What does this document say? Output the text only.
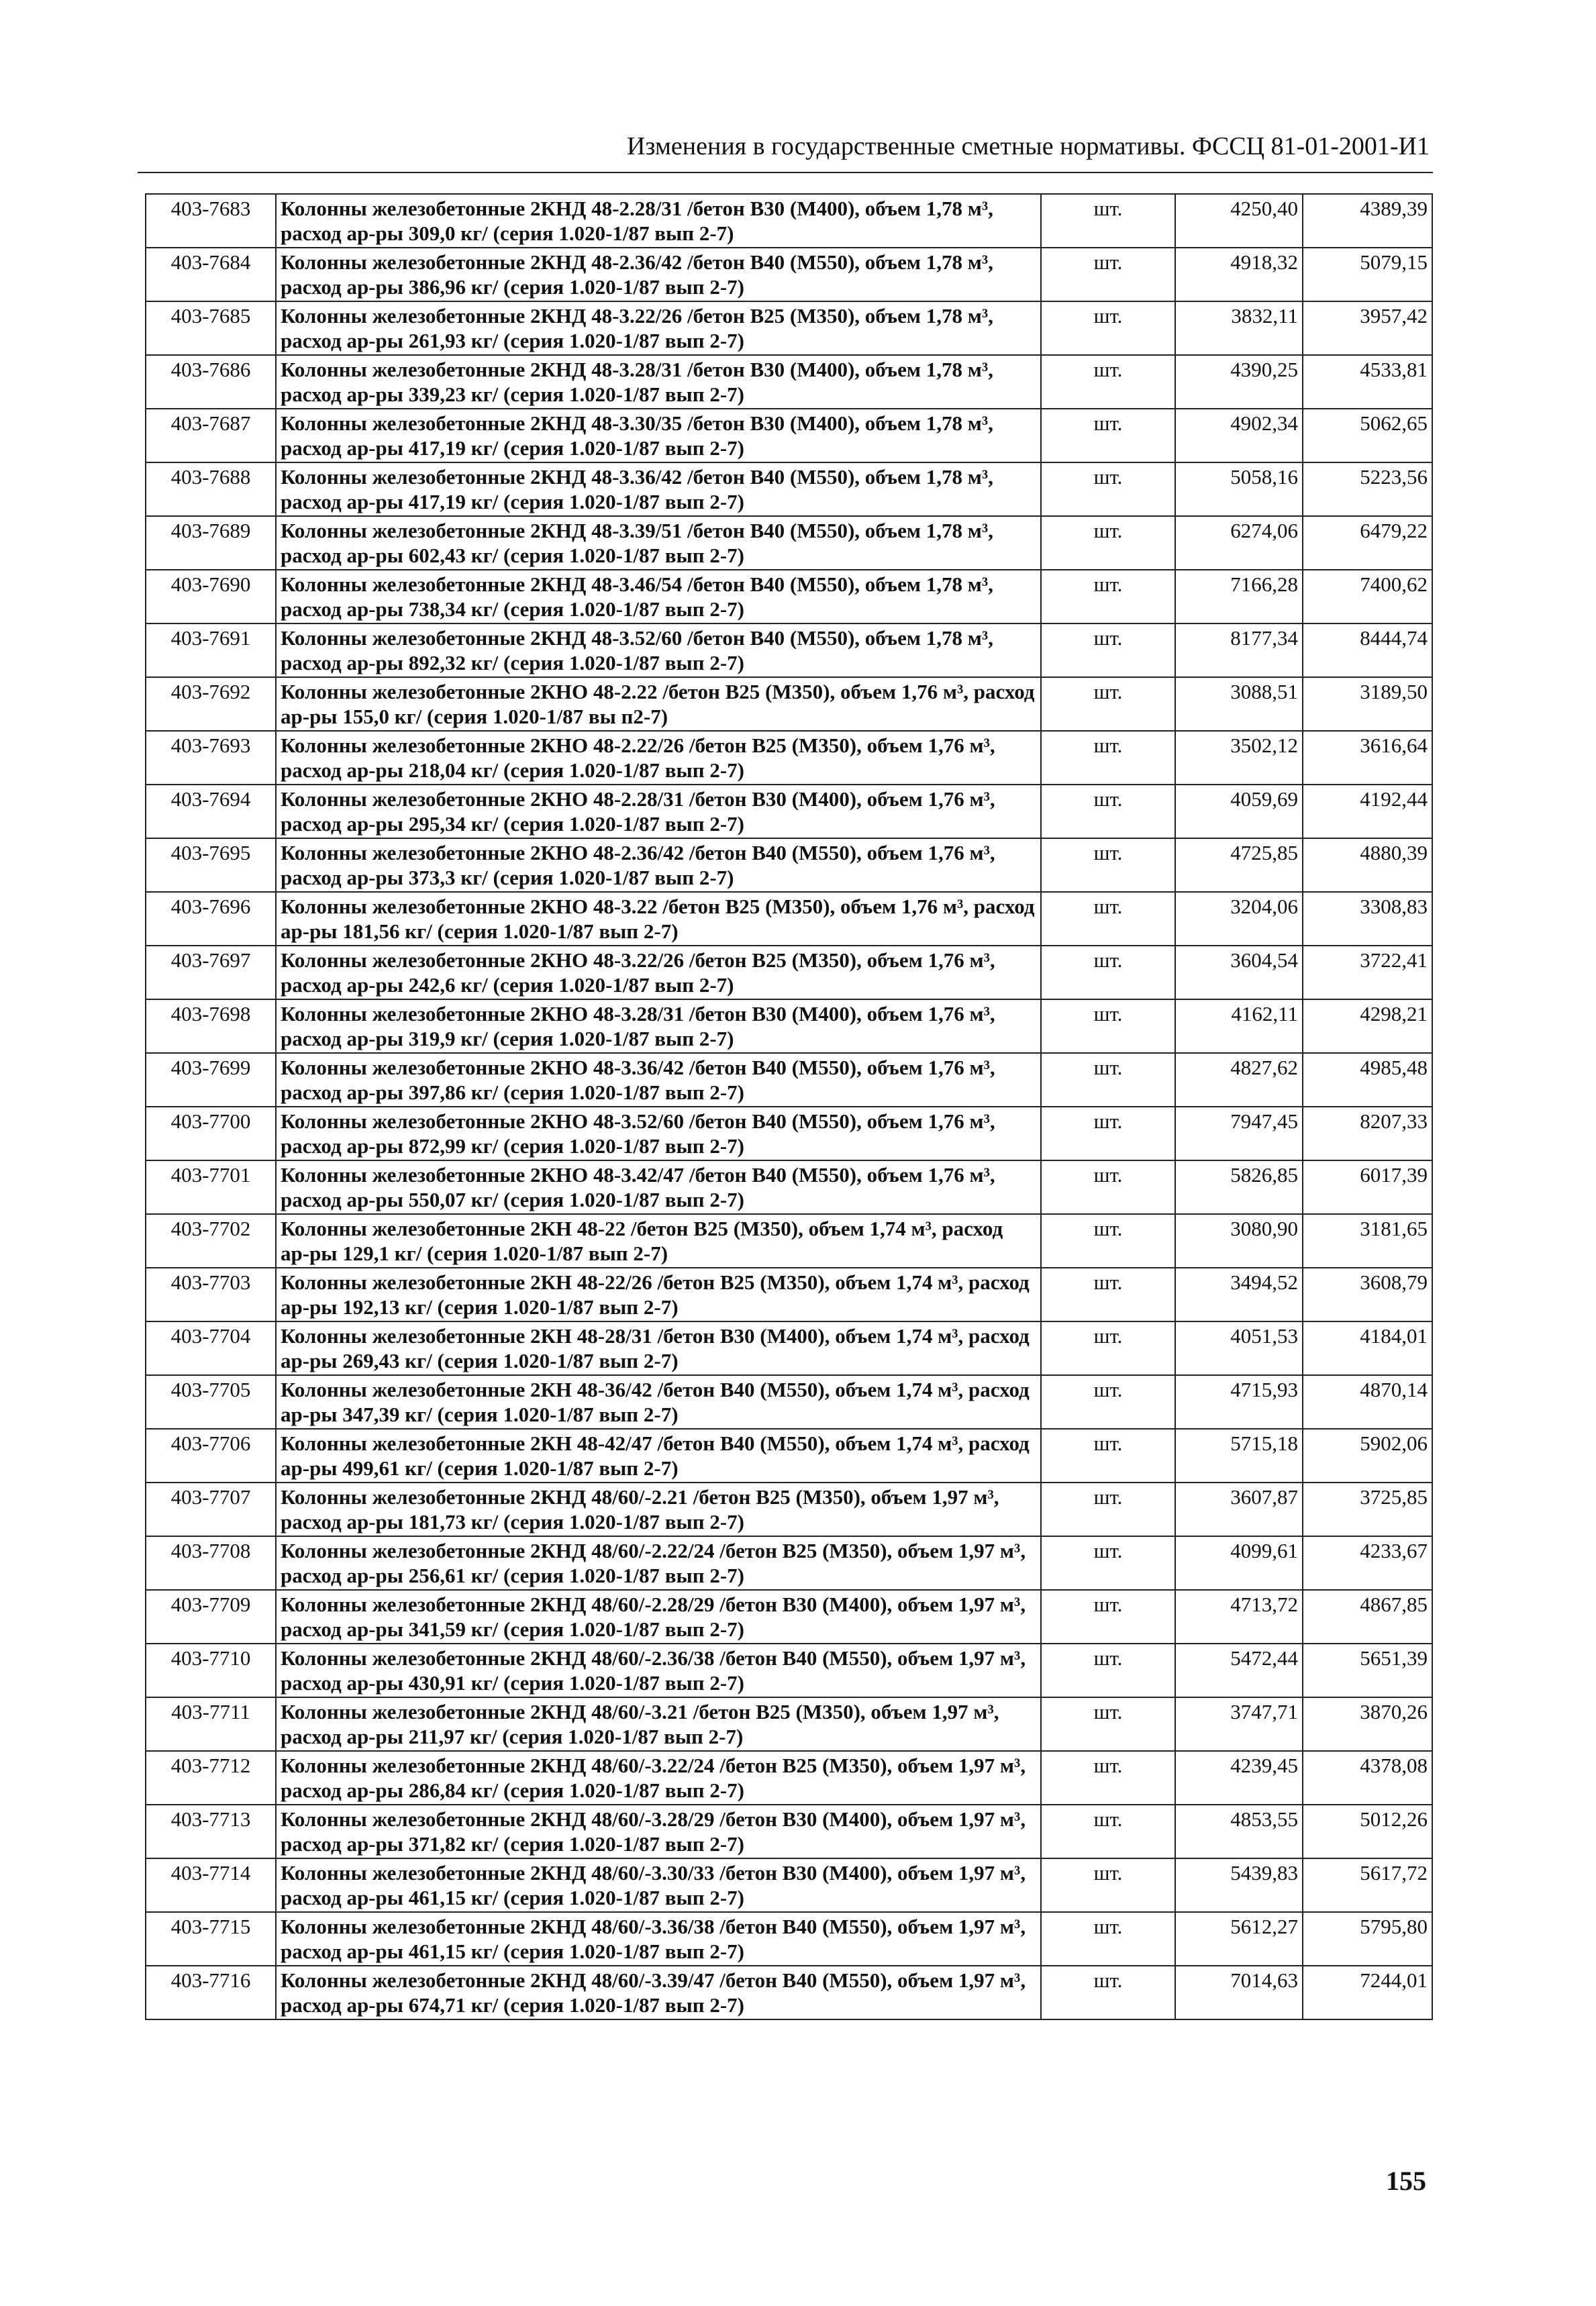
Изменения в государственные сметные нормативы. ФССЦ 81-01-2001-И1
403-7683	Колонны железобетонные 2КНД 48-2.28/31 /бетон В30 (М400), объем 1,78 м³, расход ар-ры 309,0 кг/ (серия 1.020-1/87 вып 2-7)	шт.	4250,40	4389,39
403-7684	Колонны железобетонные 2КНД 48-2.36/42 /бетон В40 (М550), объем 1,78 м³, расход ар-ры 386,96 кг/ (серия 1.020-1/87 вып 2-7)	шт.	4918,32	5079,15
403-7685	Колонны железобетонные 2КНД 48-3.22/26 /бетон В25 (М350), объем 1,78 м³, расход ар-ры 261,93 кг/ (серия 1.020-1/87 вып 2-7)	шт.	3832,11	3957,42
403-7686	Колонны железобетонные 2КНД 48-3.28/31 /бетон В30 (М400), объем 1,78 м³, расход ар-ры 339,23 кг/ (серия 1.020-1/87 вып 2-7)	шт.	4390,25	4533,81
403-7687	Колонны железобетонные 2КНД 48-3.30/35 /бетон В30 (М400), объем 1,78 м³, расход ар-ры 417,19 кг/ (серия 1.020-1/87 вып 2-7)	шт.	4902,34	5062,65
403-7688	Колонны железобетонные 2КНД 48-3.36/42 /бетон В40 (М550), объем 1,78 м³, расход ар-ры 417,19 кг/ (серия 1.020-1/87 вып 2-7)	шт.	5058,16	5223,56
403-7689	Колонны железобетонные 2КНД 48-3.39/51 /бетон В40 (М550), объем 1,78 м³, расход ар-ры 602,43 кг/ (серия 1.020-1/87 вып 2-7)	шт.	6274,06	6479,22
403-7690	Колонны железобетонные 2КНД 48-3.46/54 /бетон В40 (М550), объем 1,78 м³, расход ар-ры 738,34 кг/ (серия 1.020-1/87 вып 2-7)	шт.	7166,28	7400,62
403-7691	Колонны железобетонные 2КНД 48-3.52/60 /бетон В40 (М550), объем 1,78 м³, расход ар-ры 892,32 кг/ (серия 1.020-1/87 вып 2-7)	шт.	8177,34	8444,74
403-7692	Колонны железобетонные 2КНО 48-2.22 /бетон В25 (М350), объем 1,76 м³, расход ар-ры 155,0 кг/ (серия 1.020-1/87 вы п2-7)	шт.	3088,51	3189,50
403-7693	Колонны железобетонные 2КНО 48-2.22/26 /бетон В25 (М350), объем 1,76 м³, расход ар-ры 218,04 кг/ (серия 1.020-1/87 вып 2-7)	шт.	3502,12	3616,64
403-7694	Колонны железобетонные 2КНО 48-2.28/31 /бетон В30 (М400), объем 1,76 м³, расход ар-ры 295,34 кг/ (серия 1.020-1/87 вып 2-7)	шт.	4059,69	4192,44
403-7695	Колонны железобетонные 2КНО 48-2.36/42 /бетон В40 (М550), объем 1,76 м³, расход ар-ры 373,3 кг/ (серия 1.020-1/87 вып 2-7)	шт.	4725,85	4880,39
403-7696	Колонны железобетонные 2КНО 48-3.22 /бетон В25 (М350), объем 1,76 м³, расход ар-ры 181,56 кг/ (серия 1.020-1/87 вып 2-7)	шт.	3204,06	3308,83
403-7697	Колонны железобетонные 2КНО 48-3.22/26 /бетон В25 (М350), объем 1,76 м³, расход ар-ры 242,6 кг/ (серия 1.020-1/87 вып 2-7)	шт.	3604,54	3722,41
403-7698	Колонны железобетонные 2КНО 48-3.28/31 /бетон В30 (М400), объем 1,76 м³, расход ар-ры 319,9 кг/ (серия 1.020-1/87 вып 2-7)	шт.	4162,11	4298,21
403-7699	Колонны железобетонные 2КНО 48-3.36/42 /бетон В40 (М550), объем 1,76 м³, расход ар-ры 397,86 кг/ (серия 1.020-1/87 вып 2-7)	шт.	4827,62	4985,48
403-7700	Колонны железобетонные 2КНО 48-3.52/60 /бетон В40 (М550), объем 1,76 м³, расход ар-ры 872,99 кг/ (серия 1.020-1/87 вып 2-7)	шт.	7947,45	8207,33
403-7701	Колонны железобетонные 2КНО 48-3.42/47 /бетон В40 (М550), объем 1,76 м³, расход ар-ры 550,07 кг/ (серия 1.020-1/87 вып 2-7)	шт.	5826,85	6017,39
403-7702	Колонны железобетонные 2КН 48-22 /бетон В25 (М350), объем 1,74 м³, расход ар-ры 129,1 кг/ (серия 1.020-1/87 вып 2-7)	шт.	3080,90	3181,65
403-7703	Колонны железобетонные 2КН 48-22/26 /бетон В25 (М350), объем 1,74 м³, расход ар-ры 192,13 кг/ (серия 1.020-1/87 вып 2-7)	шт.	3494,52	3608,79
403-7704	Колонны железобетонные 2КН 48-28/31 /бетон В30 (М400), объем 1,74 м³, расход ар-ры 269,43 кг/ (серия 1.020-1/87 вып 2-7)	шт.	4051,53	4184,01
403-7705	Колонны железобетонные 2КН 48-36/42 /бетон В40 (М550), объем 1,74 м³, расход ар-ры 347,39 кг/ (серия 1.020-1/87 вып 2-7)	шт.	4715,93	4870,14
403-7706	Колонны железобетонные 2КН 48-42/47 /бетон В40 (М550), объем 1,74 м³, расход ар-ры 499,61 кг/ (серия 1.020-1/87 вып 2-7)	шт.	5715,18	5902,06
403-7707	Колонны железобетонные 2КНД 48/60/-2.21 /бетон В25 (М350), объем 1,97 м³, расход ар-ры 181,73 кг/ (серия 1.020-1/87 вып 2-7)	шт.	3607,87	3725,85
403-7708	Колонны железобетонные 2КНД 48/60/-2.22/24 /бетон В25 (М350), объем 1,97 м³, расход ар-ры 256,61 кг/ (серия 1.020-1/87 вып 2-7)	шт.	4099,61	4233,67
403-7709	Колонны железобетонные 2КНД 48/60/-2.28/29 /бетон В30 (М400), объем 1,97 м³, расход ар-ры 341,59 кг/ (серия 1.020-1/87 вып 2-7)	шт.	4713,72	4867,85
403-7710	Колонны железобетонные 2КНД 48/60/-2.36/38 /бетон В40 (М550), объем 1,97 м³, расход ар-ры 430,91 кг/ (серия 1.020-1/87 вып 2-7)	шт.	5472,44	5651,39
403-7711	Колонны железобетонные 2КНД 48/60/-3.21 /бетон В25 (М350), объем 1,97 м³, расход ар-ры 211,97 кг/ (серия 1.020-1/87 вып 2-7)	шт.	3747,71	3870,26
403-7712	Колонны железобетонные 2КНД 48/60/-3.22/24 /бетон В25 (М350), объем 1,97 м³, расход ар-ры 286,84 кг/ (серия 1.020-1/87 вып 2-7)	шт.	4239,45	4378,08
403-7713	Колонны железобетонные 2КНД 48/60/-3.28/29 /бетон В30 (М400), объем 1,97 м³, расход ар-ры 371,82 кг/ (серия 1.020-1/87 вып 2-7)	шт.	4853,55	5012,26
403-7714	Колонны железобетонные 2КНД 48/60/-3.30/33 /бетон В30 (М400), объем 1,97 м³, расход ар-ры 461,15 кг/ (серия 1.020-1/87 вып 2-7)	шт.	5439,83	5617,72
403-7715	Колонны железобетонные 2КНД 48/60/-3.36/38 /бетон В40 (М550), объем 1,97 м³, расход ар-ры 461,15 кг/ (серия 1.020-1/87 вып 2-7)	шт.	5612,27	5795,80
403-7716	Колонны железобетонные 2КНД 48/60/-3.39/47 /бетон В40 (М550), объем 1,97 м³, расход ар-ры 674,71 кг/ (серия 1.020-1/87 вып 2-7)	шт.	7014,63	7244,01
155
